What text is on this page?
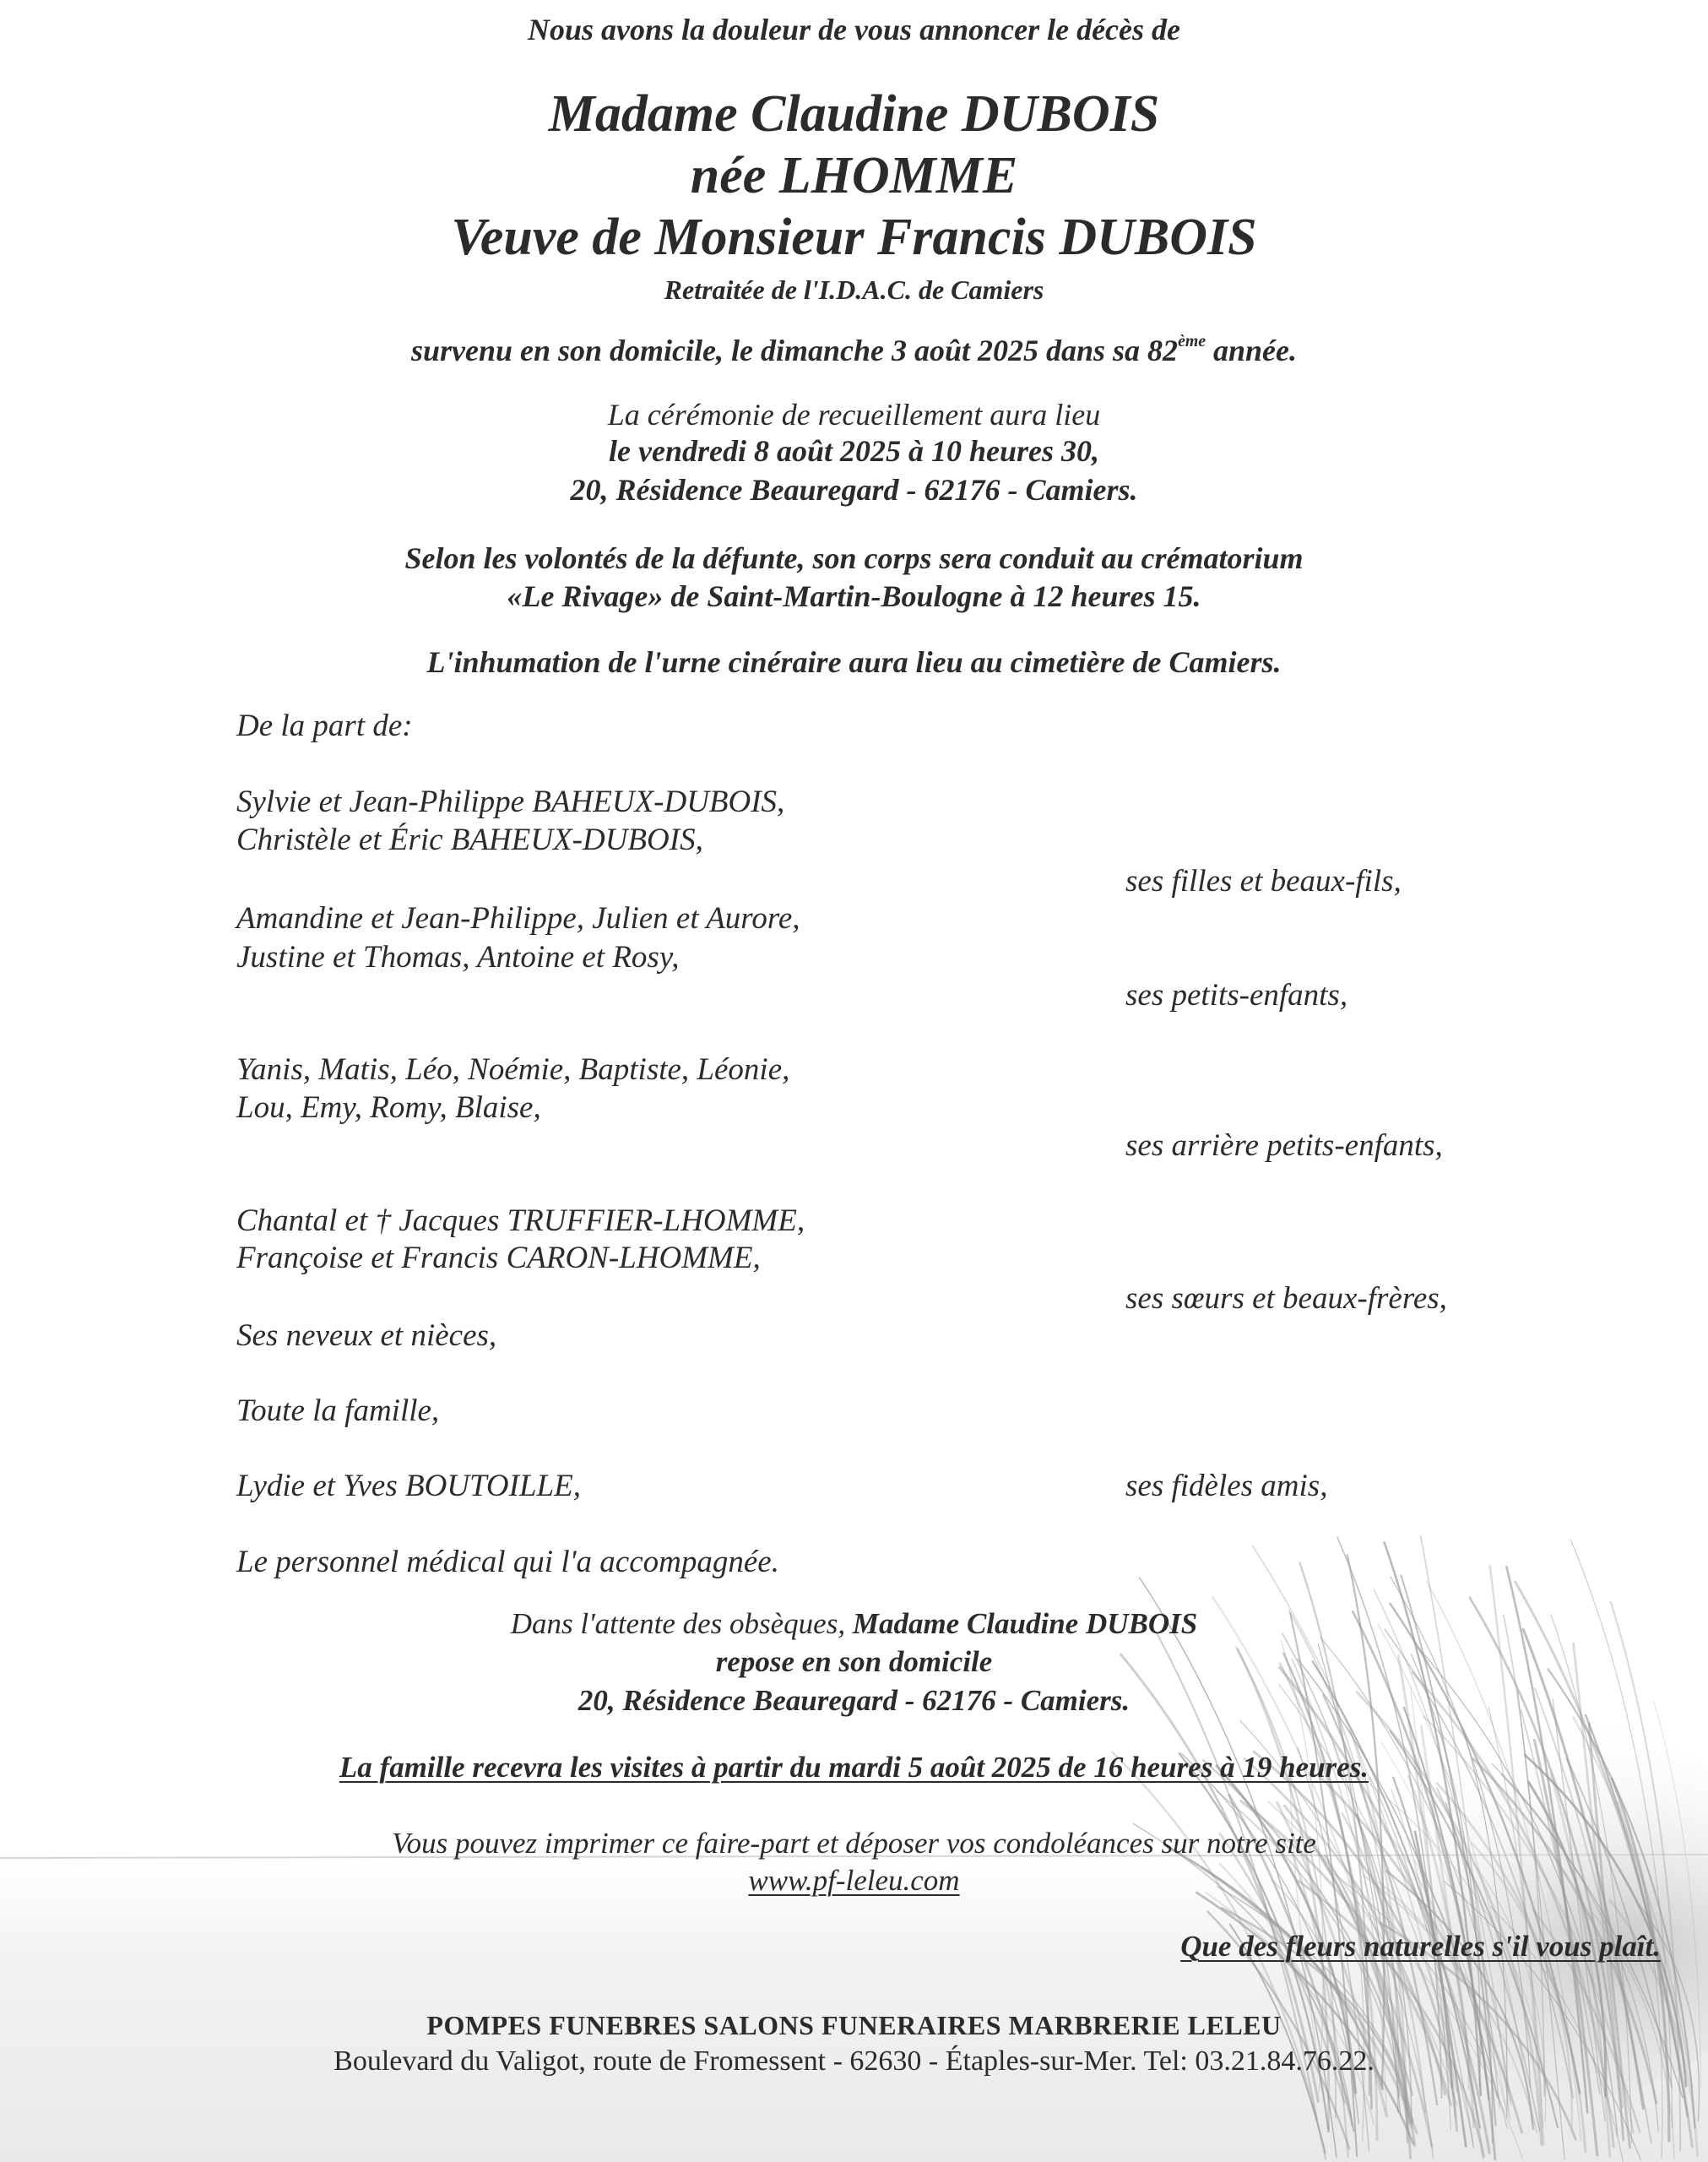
Nous avons la douleur de vous annoncer le décès de
Madame Claudine DUBOIS
née LHOMME
Veuve de Monsieur Francis DUBOIS
Retraitée de l'I.D.A.C. de Camiers
survenu en son domicile, le dimanche 3 août 2025 dans sa 82ème année.
La cérémonie de recueillement aura lieu
le vendredi 8 août 2025 à 10 heures 30,
20, Résidence Beauregard - 62176 - Camiers.
Selon les volontés de la défunte, son corps sera conduit au crématorium
«Le Rivage» de Saint-Martin-Boulogne à 12 heures 15.
L'inhumation de l'urne cinéraire aura lieu au cimetière de Camiers.
De la part de:
Sylvie et Jean-Philippe BAHEUX-DUBOIS,
Christèle et Éric BAHEUX-DUBOIS,
ses filles et beaux-fils,
Amandine et Jean-Philippe, Julien et Aurore,
Justine et Thomas, Antoine et Rosy,
ses petits-enfants,
Yanis, Matis, Léo, Noémie, Baptiste, Léonie,
Lou, Emy, Romy, Blaise,
ses arrière petits-enfants,
Chantal et † Jacques TRUFFIER-LHOMME,
Françoise et Francis CARON-LHOMME,
ses sœurs et beaux-frères,
Ses neveux et nièces,
Toute la famille,
Lydie et Yves BOUTOILLE,	ses fidèles amis,
Le personnel médical qui l'a accompagnée.
Dans l'attente des obsèques, Madame Claudine DUBOIS
repose en son domicile
20, Résidence Beauregard - 62176 - Camiers.
La famille recevra les visites à partir du mardi 5 août 2025 de 16 heures à 19 heures.
Vous pouvez imprimer ce faire-part et déposer vos condoléances sur notre site
www.pf-leleu.com
Que des fleurs naturelles s'il vous plaît.
POMPES FUNEBRES SALONS FUNERAIRES MARBRERIE LELEU
Boulevard du Valigot, route de Fromessent - 62630 - Étaples-sur-Mer. Tel: 03.21.84.76.22.
